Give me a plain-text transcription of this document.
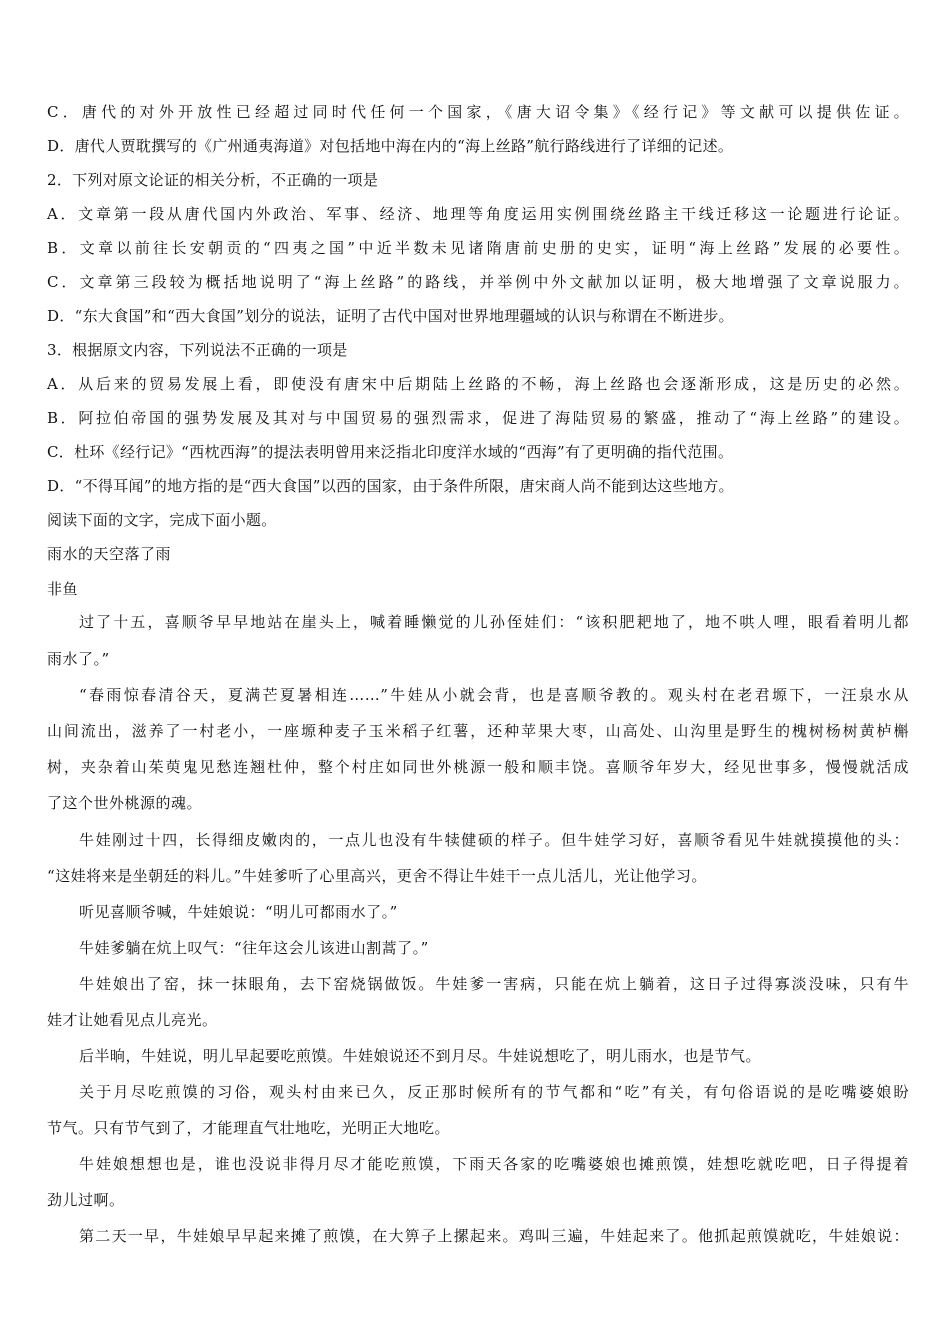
C．唐代的对外开放性已经超过同时代任何一个国家，《唐大诏令集》《经行记》等文献可以提供佐证。
D．唐代人贾耽撰写的《广州通夷海道》对包括地中海在内的“海上丝路”航行路线进行了详细的记述。
2．下列对原文论证的相关分析，不正确的一项是
A．文章第一段从唐代国内外政治、军事、经济、地理等角度运用实例围绕丝路主干线迁移这一论题进行论证。
B．文章以前往长安朝贡的“四夷之国”中近半数未见诸隋唐前史册的史实，证明“海上丝路”发展的必要性。
C．文章第三段较为概括地说明了“海上丝路”的路线，并举例中外文献加以证明，极大地增强了文章说服力。
D．“东大食国”和“西大食国”划分的说法，证明了古代中国对世界地理疆域的认识与称谓在不断进步。
3．根据原文内容，下列说法不正确的一项是
A．从后来的贸易发展上看，即使没有唐宋中后期陆上丝路的不畅，海上丝路也会逐渐形成，这是历史的必然。
B．阿拉伯帝国的强势发展及其对与中国贸易的强烈需求，促进了海陆贸易的繁盛，推动了“海上丝路”的建设。
C．杜环《经行记》“西枕西海”的提法表明曾用来泛指北印度洋水域的“西海”有了更明确的指代范围。
D．“不得耳闻”的地方指的是“西大食国”以西的国家，由于条件所限，唐宋商人尚不能到达这些地方。
阅读下面的文字，完成下面小题。
雨水的天空落了雨
非鱼
过了十五，喜顺爷早早地站在崖头上，喊着睡懒觉的儿孙侄娃们：“该积肥耙地了，地不哄人哩，眼看着明儿都
雨水了。”
“春雨惊春清谷天，夏满芒夏暑相连……”牛娃从小就会背，也是喜顺爷教的。观头村在老君塬下，一汪泉水从
山间流出，滋养了一村老小，一座塬种麦子玉米稻子红薯，还种苹果大枣，山高处、山沟里是野生的槐树杨树黄栌槲
树，夹杂着山茱萸鬼见愁连翘杜仲，整个村庄如同世外桃源一般和顺丰饶。喜顺爷年岁大，经见世事多，慢慢就活成
了这个世外桃源的魂。
牛娃刚过十四，长得细皮嫩肉的，一点儿也没有牛犊健硕的样子。但牛娃学习好，喜顺爷看见牛娃就摸摸他的头：
“这娃将来是坐朝廷的料儿。”牛娃爹听了心里高兴，更舍不得让牛娃干一点儿活儿，光让他学习。
听见喜顺爷喊，牛娃娘说：“明儿可都雨水了。”
牛娃爹躺在炕上叹气：“往年这会儿该进山割蒿了。”
牛娃娘出了窑，抹一抹眼角，去下窑烧锅做饭。牛娃爹一害病，只能在炕上躺着，这日子过得寡淡没味，只有牛
娃才让她看见点儿亮光。
后半晌，牛娃说，明儿早起要吃煎馍。牛娃娘说还不到月尽。牛娃说想吃了，明儿雨水，也是节气。
关于月尽吃煎馍的习俗，观头村由来已久，反正那时候所有的节气都和“吃”有关，有句俗语说的是吃嘴婆娘盼
节气。只有节气到了，才能理直气壮地吃，光明正大地吃。
牛娃娘想想也是，谁也没说非得月尽才能吃煎馍，下雨天各家的吃嘴婆娘也摊煎馍，娃想吃就吃吧，日子得提着
劲儿过啊。
第二天一早，牛娃娘早早起来摊了煎馍，在大箅子上摞起来。鸡叫三遍，牛娃起来了。他抓起煎馍就吃，牛娃娘说：
